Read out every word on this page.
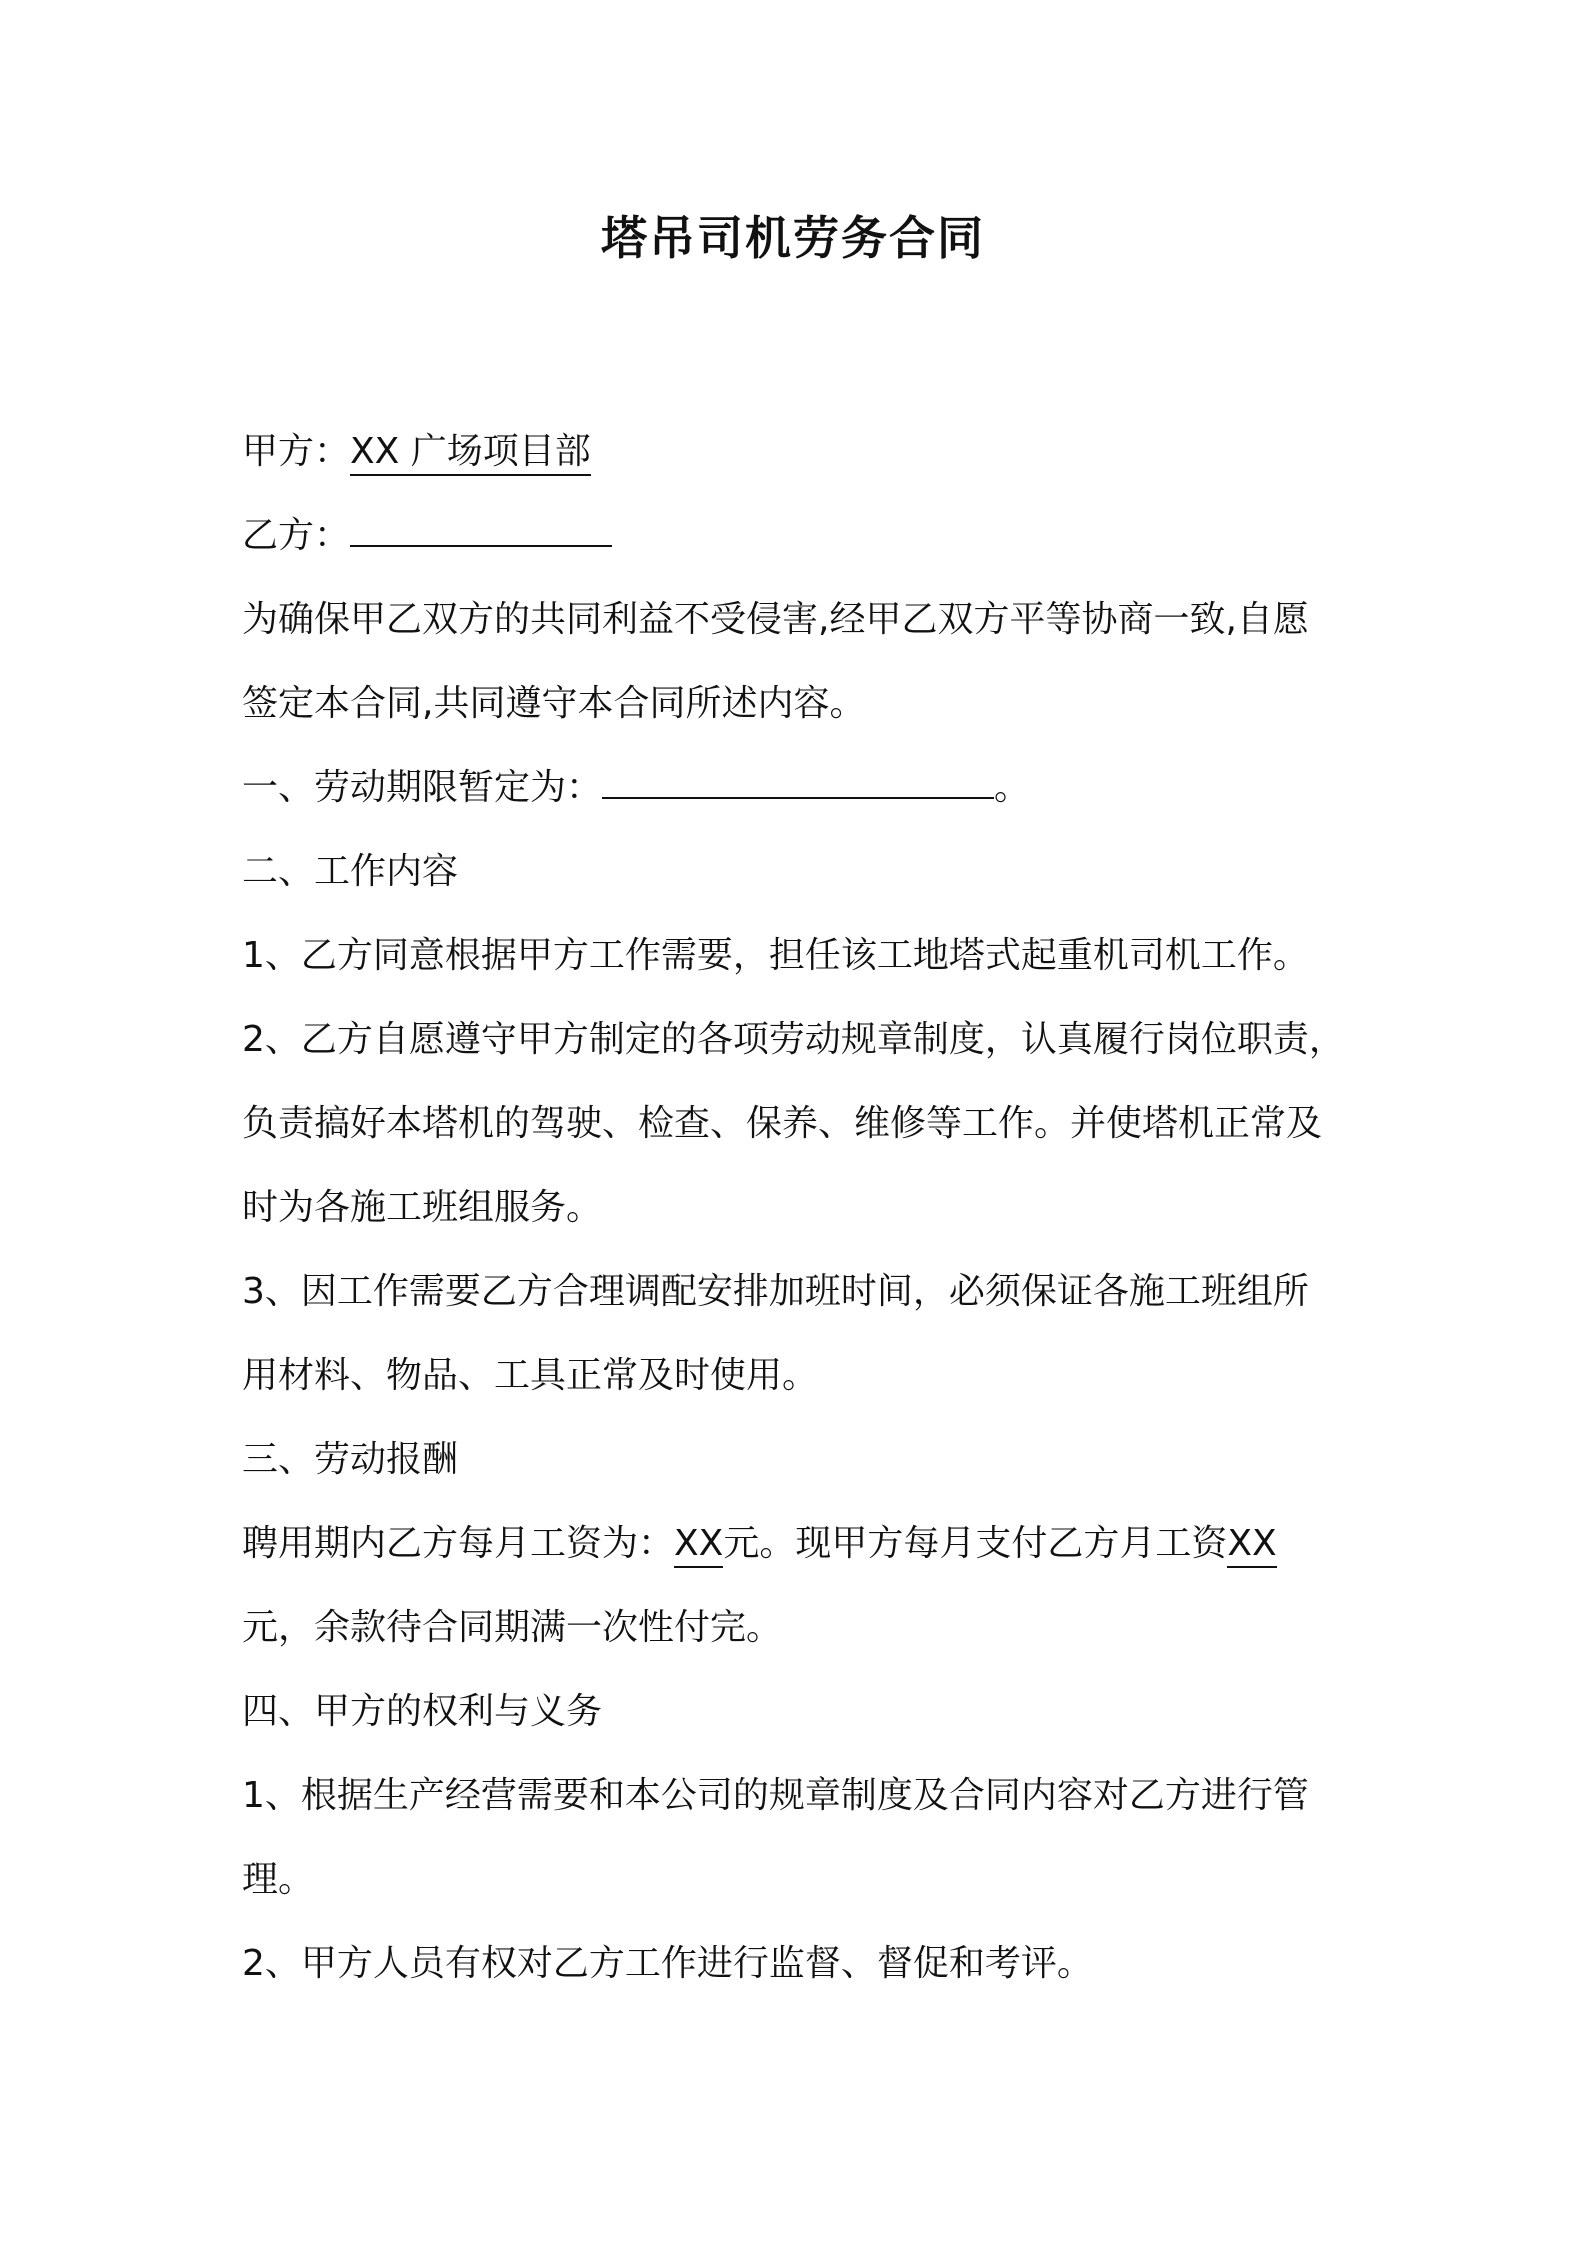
塔吊司机劳务合同
甲方：XX 广场项目部
乙方：
为确保甲乙双方的共同利益不受侵害,经甲乙双方平等协商一致,自愿
签定本合同,共同遵守本合同所述内容。
一、劳动期限暂定为：	。
二、工作内容
1、乙方同意根据甲方工作需要，担任该工地塔式起重机司机工作。
2、乙方自愿遵守甲方制定的各项劳动规章制度，认真履行岗位职责，
负责搞好本塔机的驾驶、检查、保养、维修等工作。并使塔机正常及
时为各施工班组服务。
3、因工作需要乙方合理调配安排加班时间，必须保证各施工班组所
用材料、物品、工具正常及时使用。
三、劳动报酬
聘用期内乙方每月工资为：XX元。现甲方每月支付乙方月工资XX
元，余款待合同期满一次性付完。
四、甲方的权利与义务
1、根据生产经营需要和本公司的规章制度及合同内容对乙方进行管
理。
2、甲方人员有权对乙方工作进行监督、督促和考评。
